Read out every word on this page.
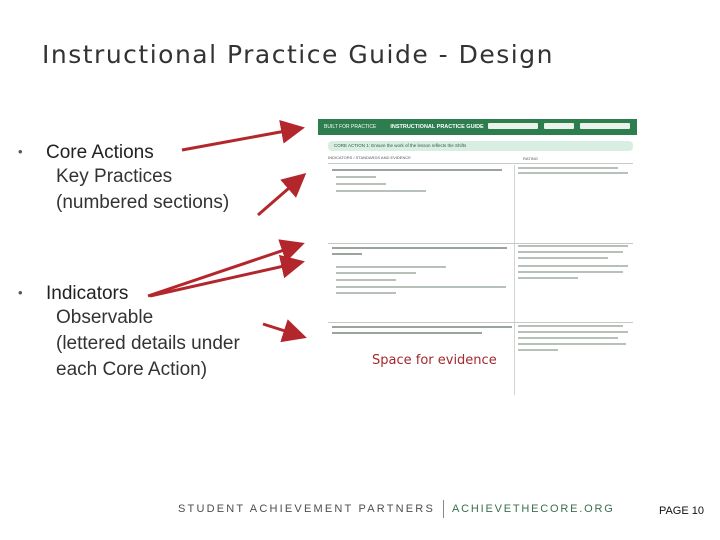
Instructional Practice Guide - Design
•	Core Actions
Key Practices
(numbered sections)
•	Indicators
Observable
(lettered details under
each Core Action)
BUILT FOR PRACTICE	INSTRUCTIONAL PRACTICE GUIDE
CORE ACTION 1: Ensure the work of the lesson reflects the Shifts
INDICATORS / STANDARDS AND EVIDENCE	RATING
Space for evidence
STUDENT ACHIEVEMENT PARTNERS ACHIEVETHECORE.ORG	PAGE 10
